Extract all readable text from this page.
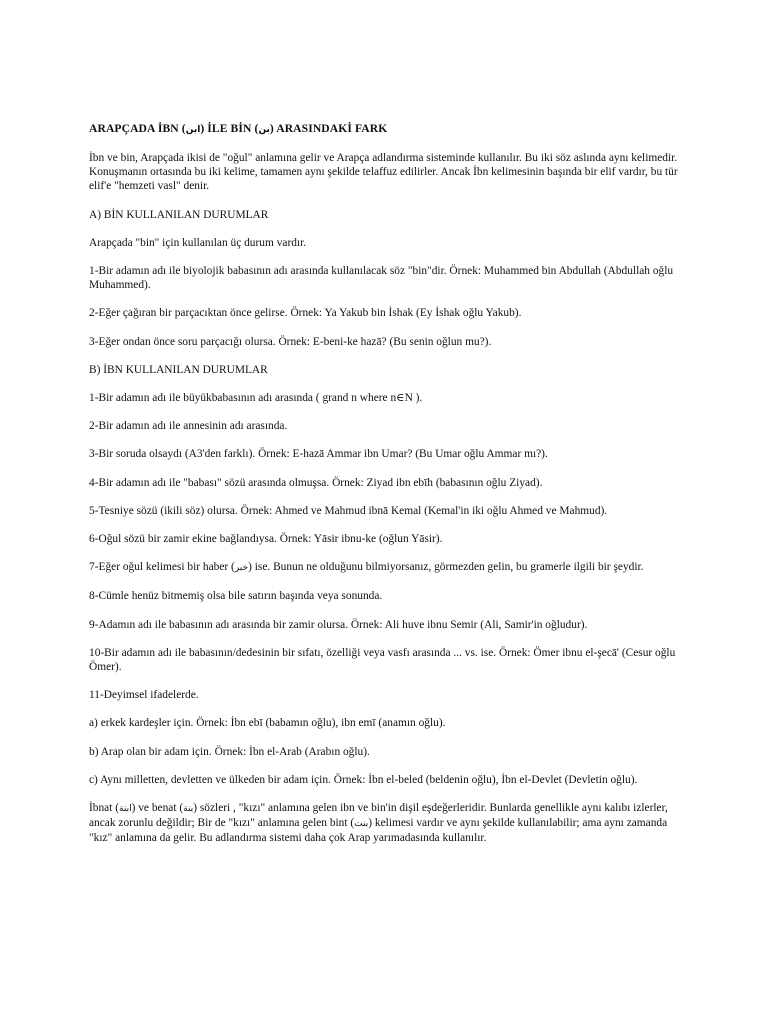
ARAPÇADA İBN (ابن) İLE BİN (بن) ARASINDAKİ FARK

İbn ve bin, Arapçada ikisi de "oğul" anlamına gelir ve Arapça adlandırma sisteminde kullanılır. Bu iki söz aslında aynı kelimedir. Konuşmanın ortasında bu iki kelime, tamamen aynı şekilde telaffuz edilirler. Ancak İbn kelimesinin başında bir elif vardır, bu tür elif'e "hemzeti vasl" denir.

A) BİN KULLANILAN DURUMLAR

Arapçada "bin" için kullanılan üç durum vardır.

1-Bir adamın adı ile biyolojik babasının adı arasında kullanılacak söz "bin"dir. Örnek: Muhammed bin Abdullah (Abdullah oğlu Muhammed).

2-Eğer çağıran bir parçacıktan önce gelirse. Örnek: Ya Yakub bin İshak (Ey İshak oğlu Yakub).

3-Eğer ondan önce soru parçacığı olursa. Örnek: E-beni-ke hazā? (Bu senin oğlun mu?).

B) İBN KULLANILAN DURUMLAR

1-Bir adamın adı ile büyükbabasının adı arasında ( grand n where n∈N ).

2-Bir adamın adı ile annesinin adı arasında.

3-Bir soruda olsaydı (A3'den farklı). Örnek: E-hazā Ammar ibn Umar? (Bu Umar oğlu Ammar mı?).

4-Bir adamın adı ile "babası" sözü arasında olmuşsa. Örnek: Ziyad ibn ebīh (babasının oğlu Ziyad).

5-Tesniye sözü (ikili söz) olursa. Örnek: Ahmed ve Mahmud ibnā Kemal (Kemal'in iki oğlu Ahmed ve Mahmud).

6-Oğul sözü bir zamir ekine bağlandıysa. Örnek: Yāsir ibnu-ke (oğlun Yāsir).

7-Eğer oğul kelimesi bir haber (خبر) ise. Bunun ne olduğunu bilmiyorsanız, görmezden gelin, bu gramerle ilgili bir şeydir.

8-Cümle henüz bitmemiş olsa bile satırın başında veya sonunda.

9-Adamın adı ile babasının adı arasında bir zamir olursa. Örnek: Ali huve ibnu Semir (Ali, Samir'in oğludur).

10-Bir adamın adı ile babasının/dedesinin bir sıfatı, özelliği veya vasfı arasında ... vs. ise. Örnek: Ömer ibnu el-şecā' (Cesur oğlu Ömer).

11-Deyimsel ifadelerde.

a) erkek kardeşler için. Örnek: İbn ebī (babamın oğlu), ibn emī (anamın oğlu).

b) Arap olan bir adam için. Örnek: İbn el-Arab (Arabın oğlu).

c) Aynı milletten, devletten ve ülkeden bir adam için. Örnek: İbn el-beled (beldenin oğlu), İbn el-Devlet (Devletin oğlu).

İbnat (ابنة) ve benat (بنة) sözleri , "kızı" anlamına gelen ibn ve bin'in dişil eşdeğerleridir. Bunlarda genellikle aynı kalıbı izlerler, ancak zorunlu değildir; Bir de "kızı" anlamına gelen bint (بنت) kelimesi vardır ve aynı şekilde kullanılabilir; ama aynı zamanda "kız" anlamına da gelir. Bu adlandırma sistemi daha çok Arap yarımadasında kullanılır.
